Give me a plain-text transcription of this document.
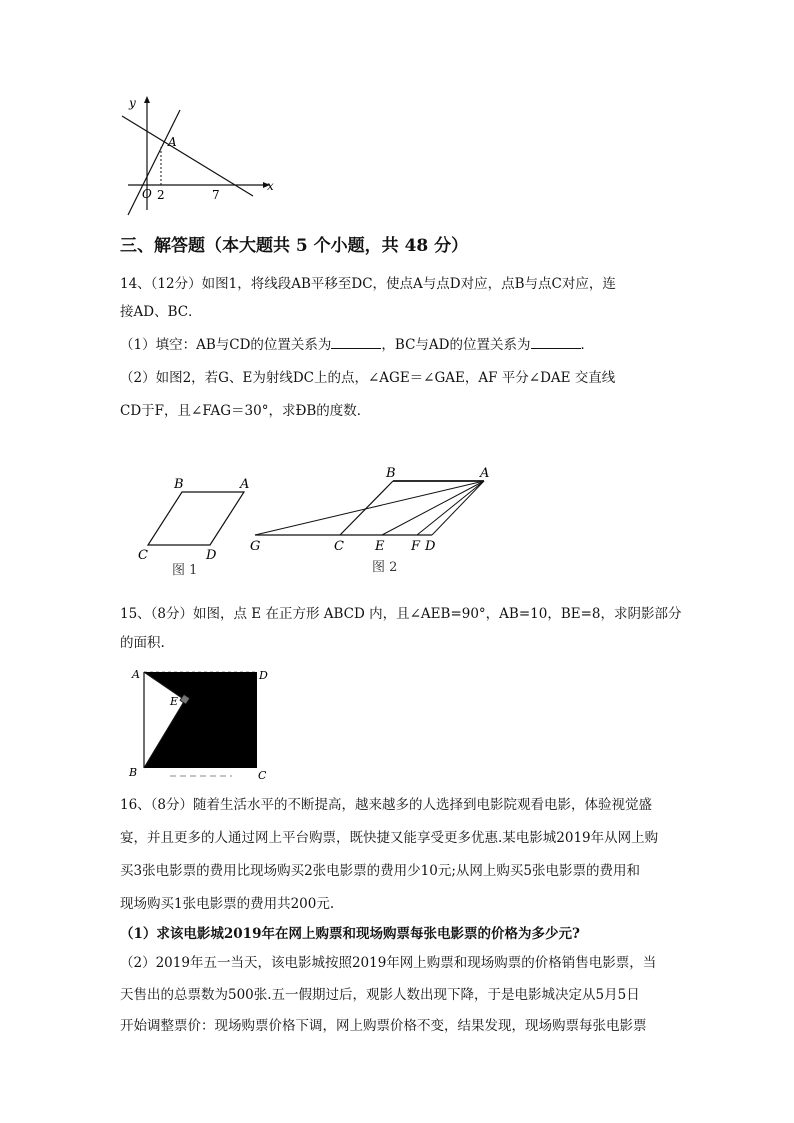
y
x
O
A
2	7
三、解答题（本大题共 5 个小题，共 48 分）
14、（12分）如图1，将线段AB平移至DC，使点A与点D对应，点B与点C对应，连
接AD、BC．
（1）填空：AB与CD的位置关系为	，BC与AD的位置关系为	．
（2）如图2，若G、E为射线DC上的点，∠AGE＝∠GAE，AF 平分∠DAE 交直线
CD于F，且∠FAG＝30°，求ÐB的度数．
B	A
C	D
图 1
B	A
G	C E F D
图 2
15、（8分）如图，点 E 在正方形 ABCD 内，且∠AEB=90°，AB=10，BE=8，求阴影部分
的面积.
A	D
E
B	C
16、（8分）随着生活水平的不断提高，越来越多的人选择到电影院观看电影，体验视觉盛
宴，并且更多的人通过网上平台购票，既快捷又能享受更多优惠.某电影城2019年从网上购
买3张电影票的费用比现场购买2张电影票的费用少10元;从网上购买5张电影票的费用和
现场购买1张电影票的费用共200元.
（1）求该电影城2019年在网上购票和现场购票每张电影票的价格为多少元?
（2）2019年五一当天，该电影城按照2019年网上购票和现场购票的价格销售电影票，当
天售出的总票数为500张.五一假期过后，观影人数出现下降，于是电影城决定从5月5日
开始调整票价：现场购票价格下调，网上购票价格不变，结果发现，现场购票每张电影票
